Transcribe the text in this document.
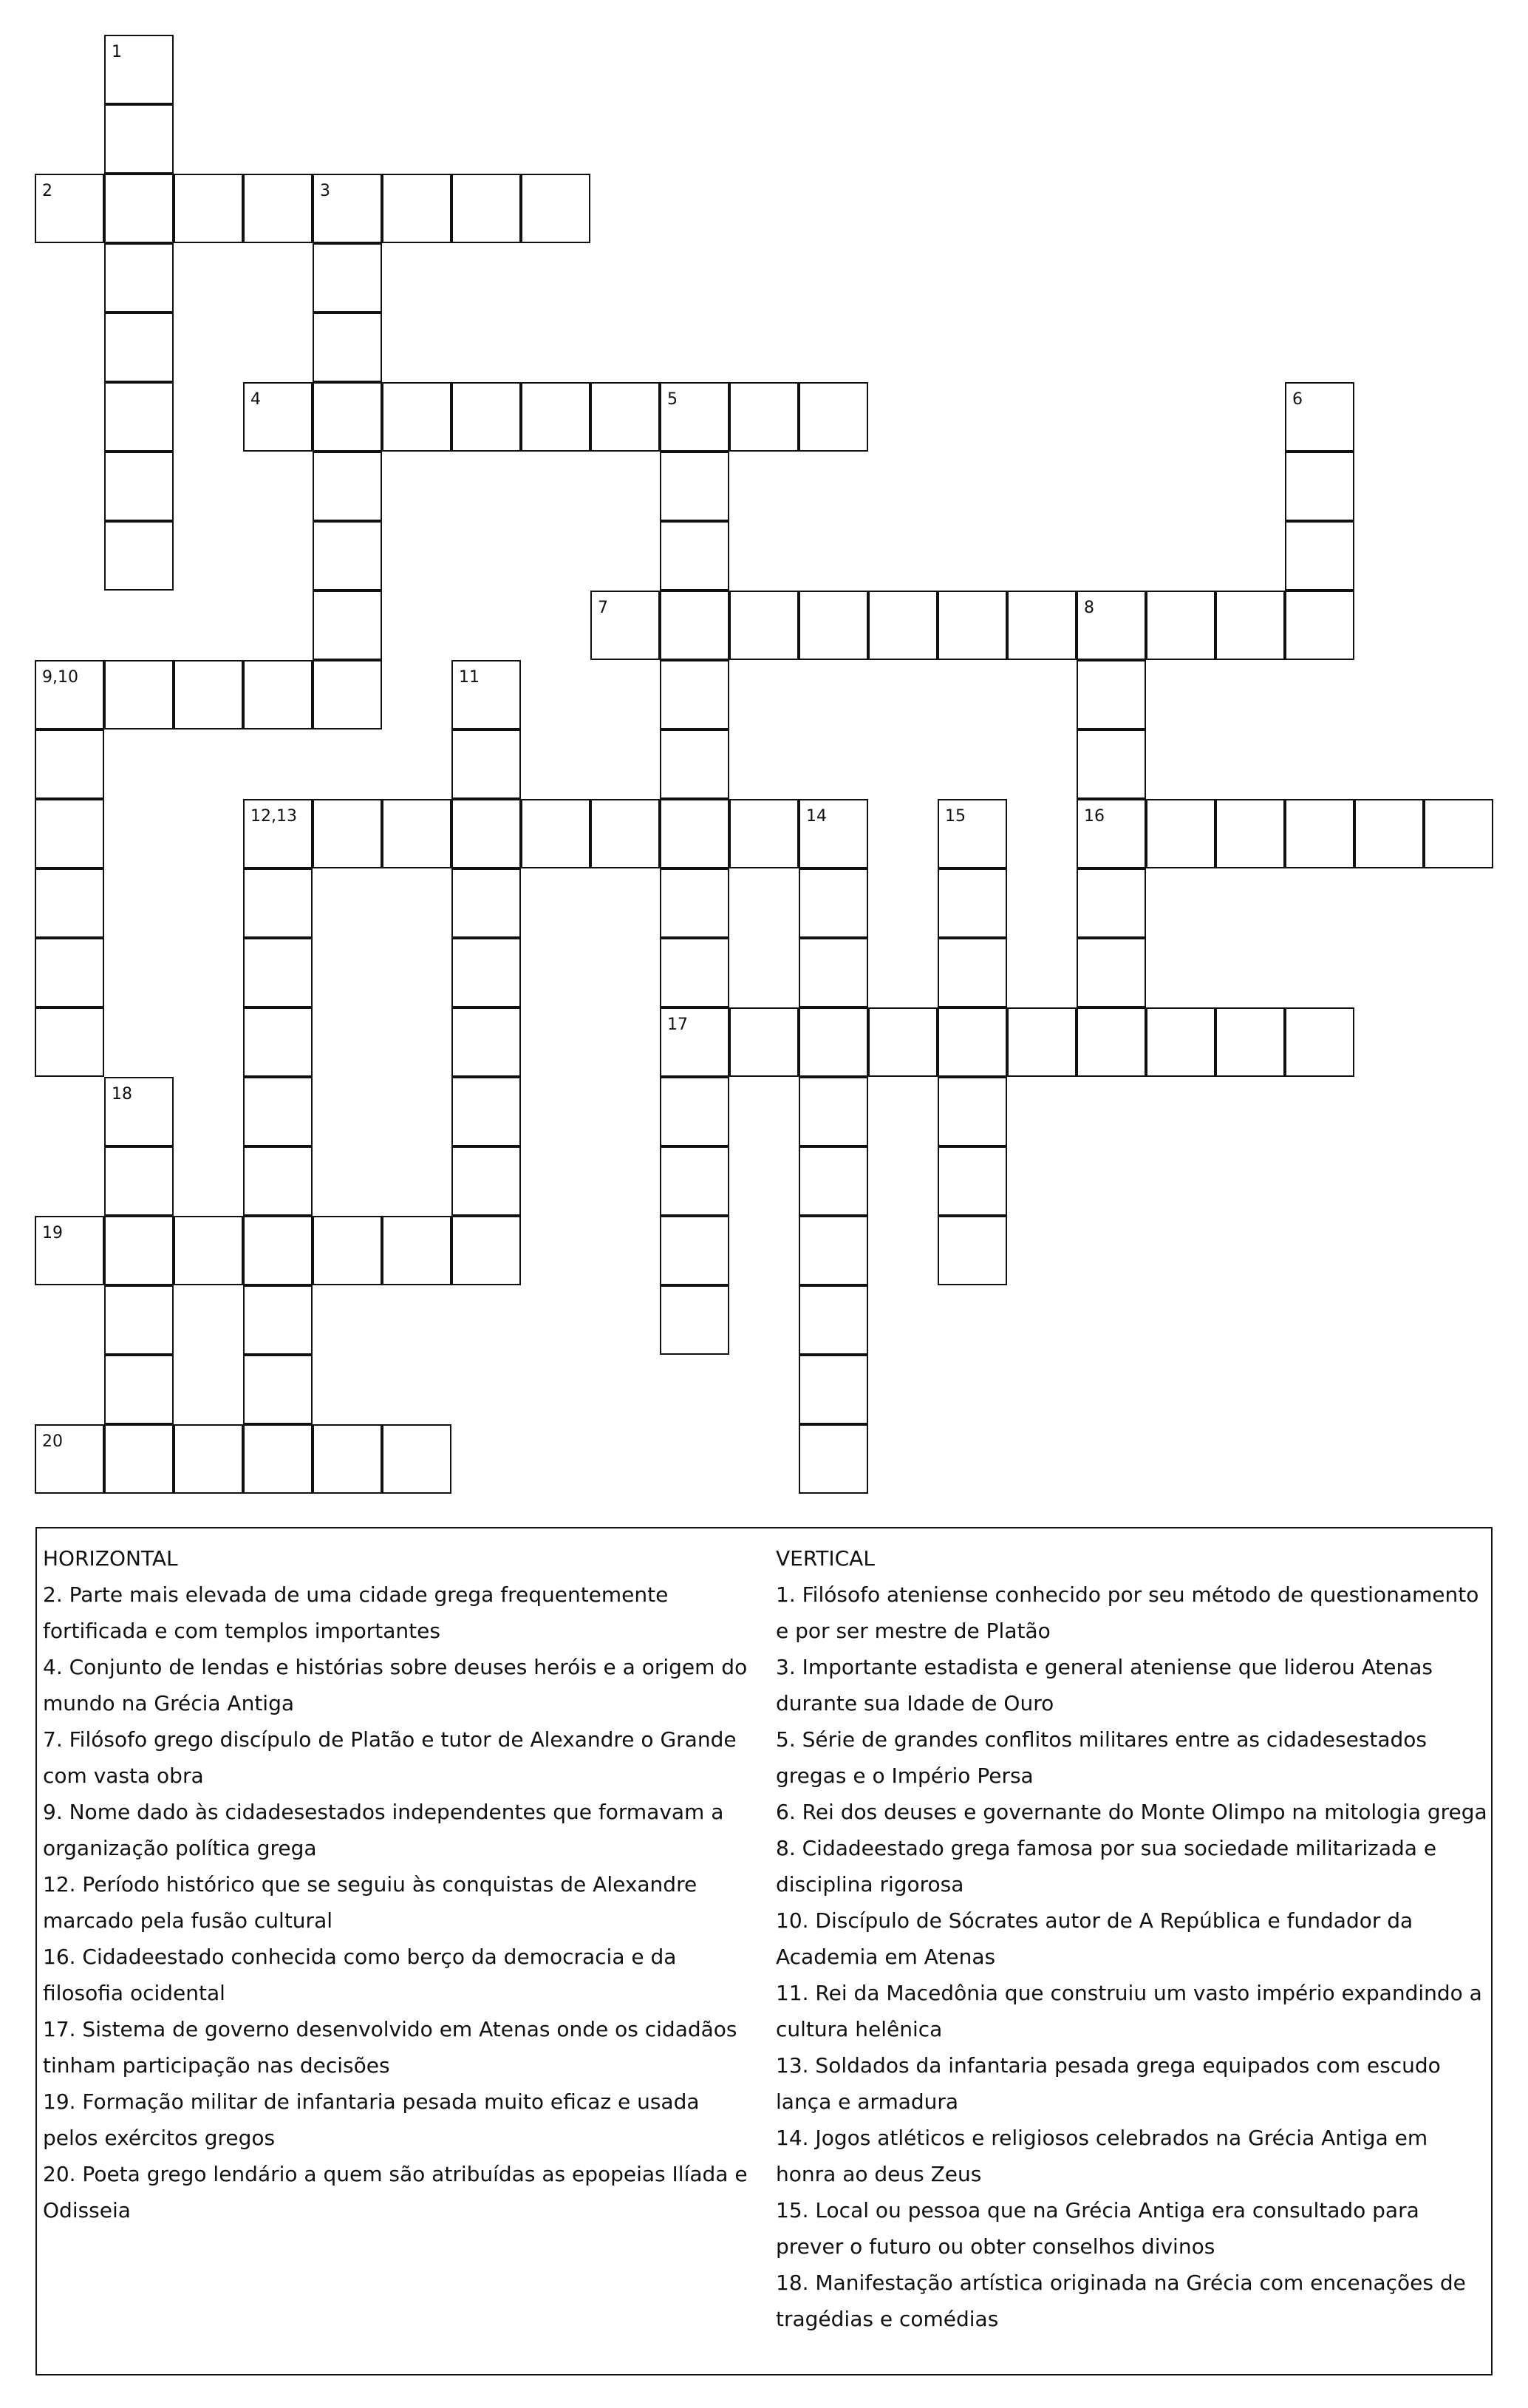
1
2	3
4	5
17
6
7	8
16
9,10	11
12,13	14	15
18
19
20

HORIZONTAL

2. Parte mais elevada de uma cidade grega frequentemente fortificada e com templos importantes

4. Conjunto de lendas e histórias sobre deuses heróis e a origem do mundo na Grécia Antiga

7. Filósofo grego discípulo de Platão e tutor de Alexandre o Grande com vasta obra

9. Nome dado às cidadesestados independentes que formavam a organização política grega

12. Período histórico que se seguiu às conquistas de Alexandre marcado pela fusão cultural

16. Cidadeestado conhecida como berço da democracia e da filosofia ocidental

17. Sistema de governo desenvolvido em Atenas onde os cidadãos tinham participação nas decisões

19. Formação militar de infantaria pesada muito eficaz e usada pelos exércitos gregos

20. Poeta grego lendário a quem são atribuídas as epopeias Ilíada e Odisseia

VERTICAL

1. Filósofo ateniense conhecido por seu método de questionamento e por ser mestre de Platão

3. Importante estadista e general ateniense que liderou Atenas durante sua Idade de Ouro

5. Série de grandes conflitos militares entre as cidadesestados gregas e o Império Persa

6. Rei dos deuses e governante do Monte Olimpo na mitologia grega

8. Cidadeestado grega famosa por sua sociedade militarizada e disciplina rigorosa

10. Discípulo de Sócrates autor de A República e fundador da Academia em Atenas

11. Rei da Macedônia que construiu um vasto império expandindo a cultura helênica

13. Soldados da infantaria pesada grega equipados com escudo lança e armadura

14. Jogos atléticos e religiosos celebrados na Grécia Antiga em honra ao deus Zeus

15. Local ou pessoa que na Grécia Antiga era consultado para prever o futuro ou obter conselhos divinos

18. Manifestação artística originada na Grécia com encenações de tragédias e comédias
